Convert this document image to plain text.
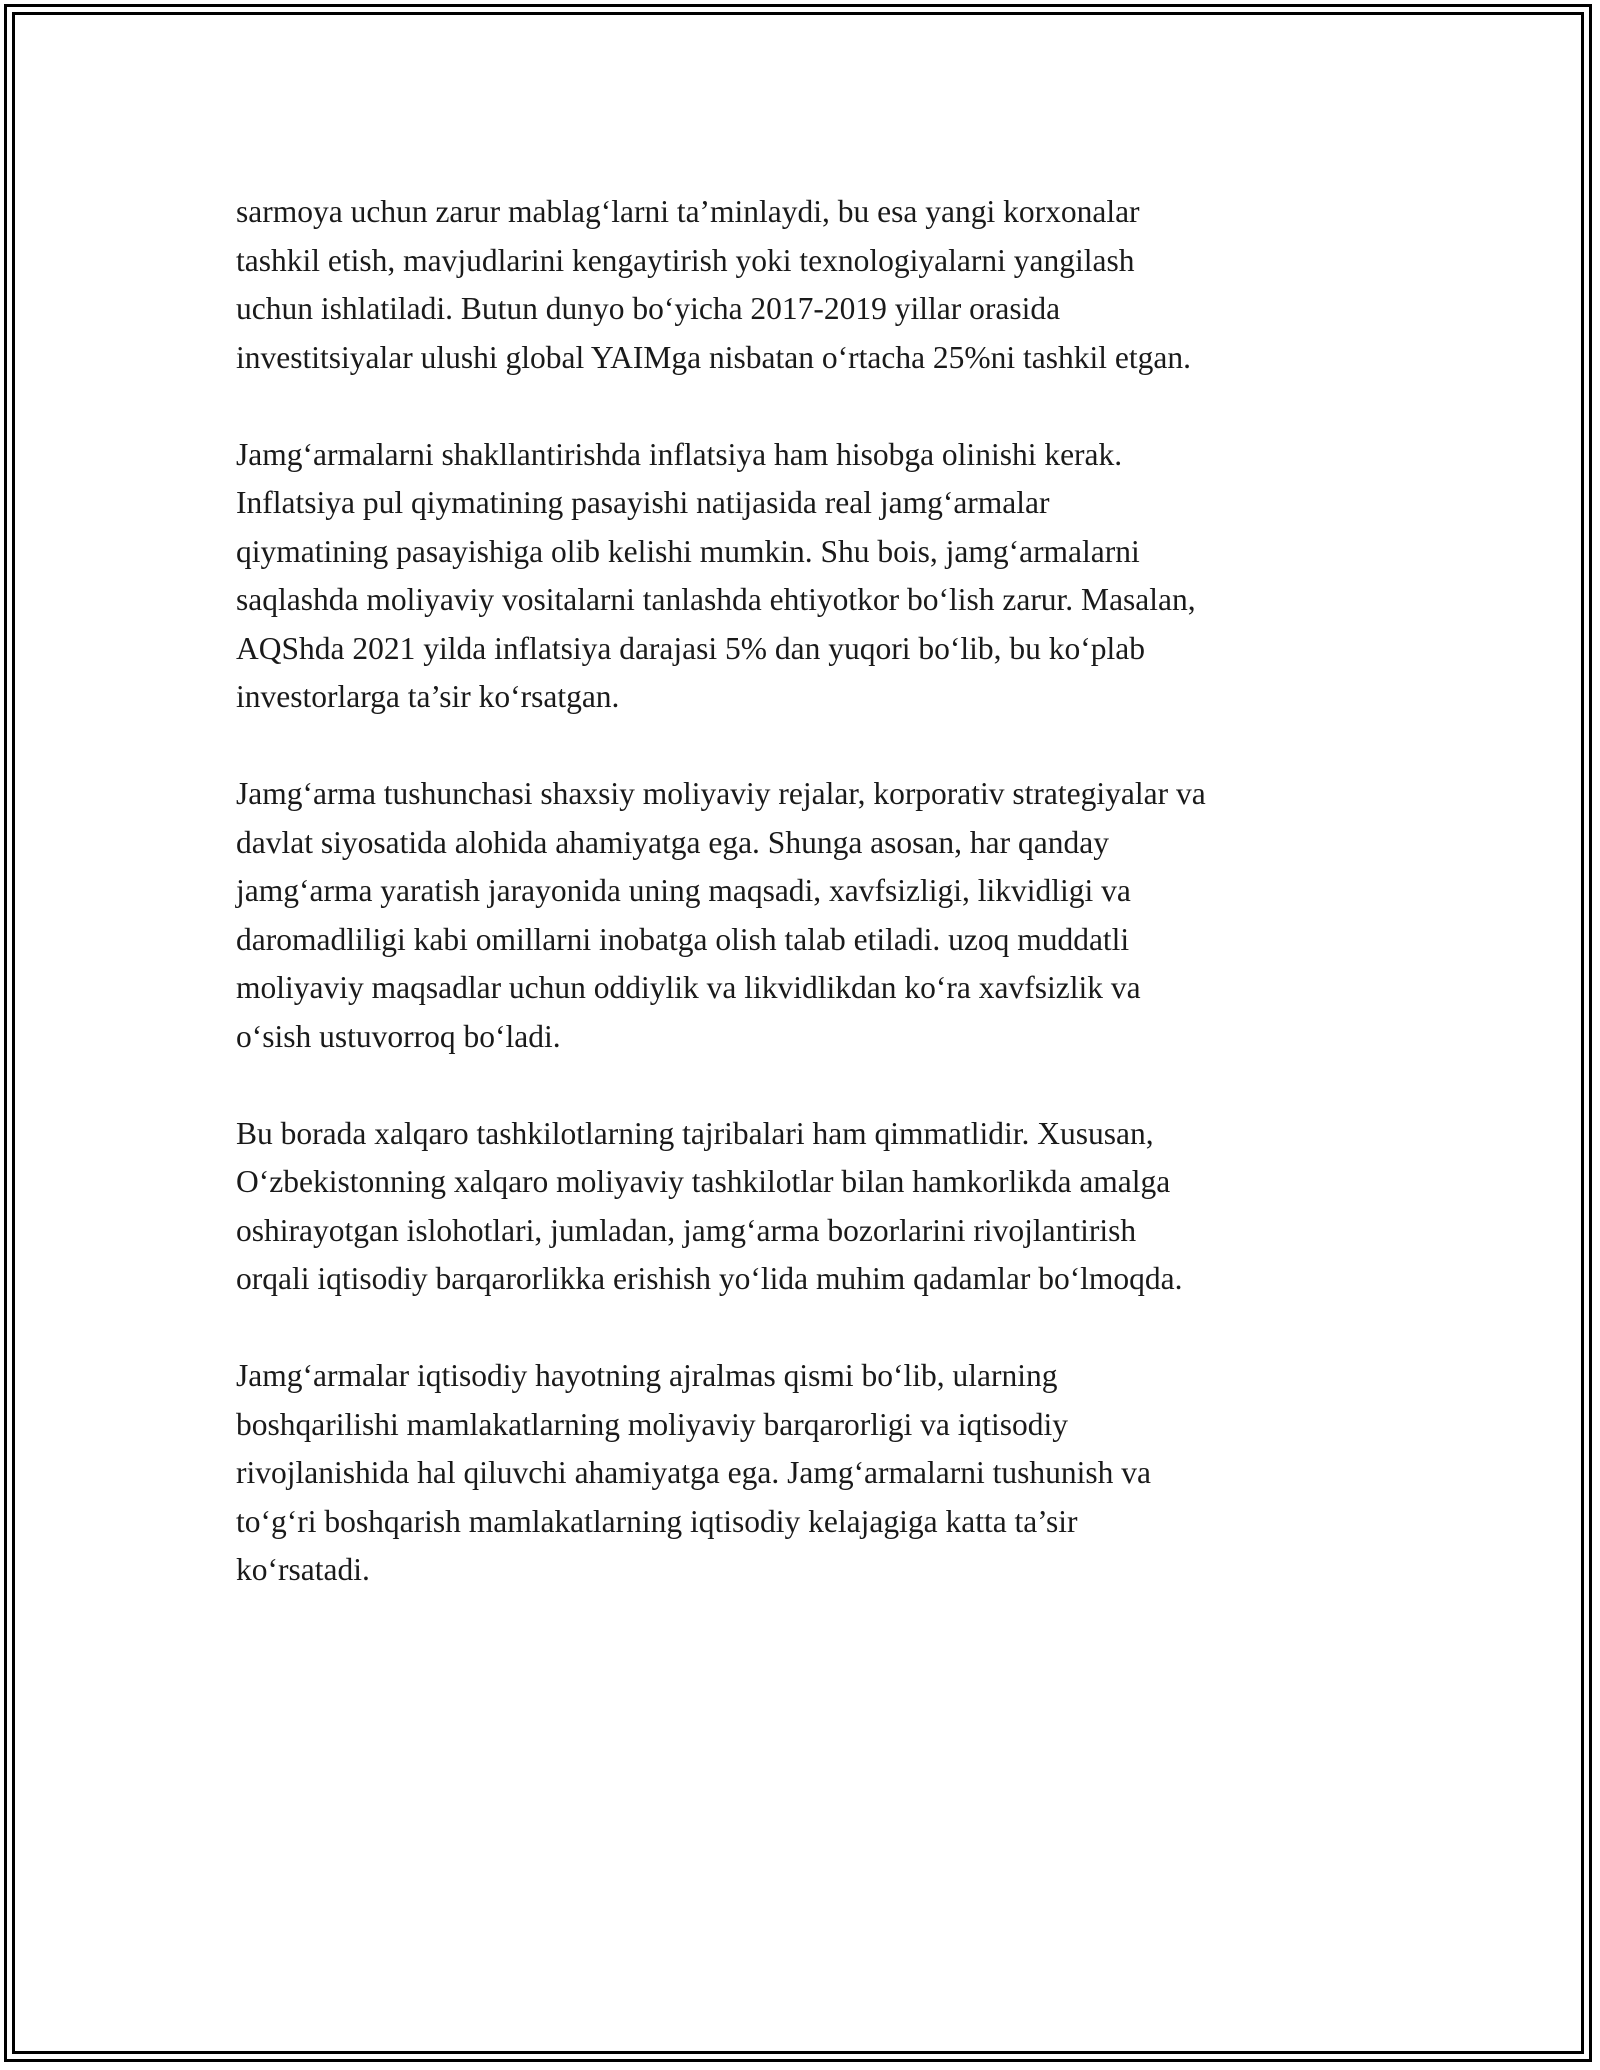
sarmoya uchun zarur mablag‘larni ta’minlaydi, bu esa yangi korxonalar
tashkil etish, mavjudlarini kengaytirish yoki texnologiyalarni yangilash
uchun ishlatiladi. Butun dunyo bo‘yicha 2017-2019 yillar orasida
investitsiyalar ulushi global YAIMga nisbatan o‘rtacha 25%ni tashkil etgan.

Jamg‘armalarni shakllantirishda inflatsiya ham hisobga olinishi kerak.
Inflatsiya pul qiymatining pasayishi natijasida real jamg‘armalar
qiymatining pasayishiga olib kelishi mumkin. Shu bois, jamg‘armalarni
saqlashda moliyaviy vositalarni tanlashda ehtiyotkor bo‘lish zarur. Masalan,
AQShda 2021 yilda inflatsiya darajasi 5% dan yuqori bo‘lib, bu ko‘plab
investorlarga ta’sir ko‘rsatgan.

Jamg‘arma tushunchasi shaxsiy moliyaviy rejalar, korporativ strategiyalar va
davlat siyosatida alohida ahamiyatga ega. Shunga asosan, har qanday
jamg‘arma yaratish jarayonida uning maqsadi, xavfsizligi, likvidligi va
daromadliligi kabi omillarni inobatga olish talab etiladi. uzoq muddatli
moliyaviy maqsadlar uchun oddiylik va likvidlikdan ko‘ra xavfsizlik va
o‘sish ustuvorroq bo‘ladi.

Bu borada xalqaro tashkilotlarning tajribalari ham qimmatlidir. Xususan,
O‘zbekistonning xalqaro moliyaviy tashkilotlar bilan hamkorlikda amalga
oshirayotgan islohotlari, jumladan, jamg‘arma bozorlarini rivojlantirish
orqali iqtisodiy barqarorlikka erishish yo‘lida muhim qadamlar bo‘lmoqda.

Jamg‘armalar iqtisodiy hayotning ajralmas qismi bo‘lib, ularning
boshqarilishi mamlakatlarning moliyaviy barqarorligi va iqtisodiy
rivojlanishida hal qiluvchi ahamiyatga ega. Jamg‘armalarni tushunish va
to‘g‘ri boshqarish mamlakatlarning iqtisodiy kelajagiga katta ta’sir
ko‘rsatadi.
